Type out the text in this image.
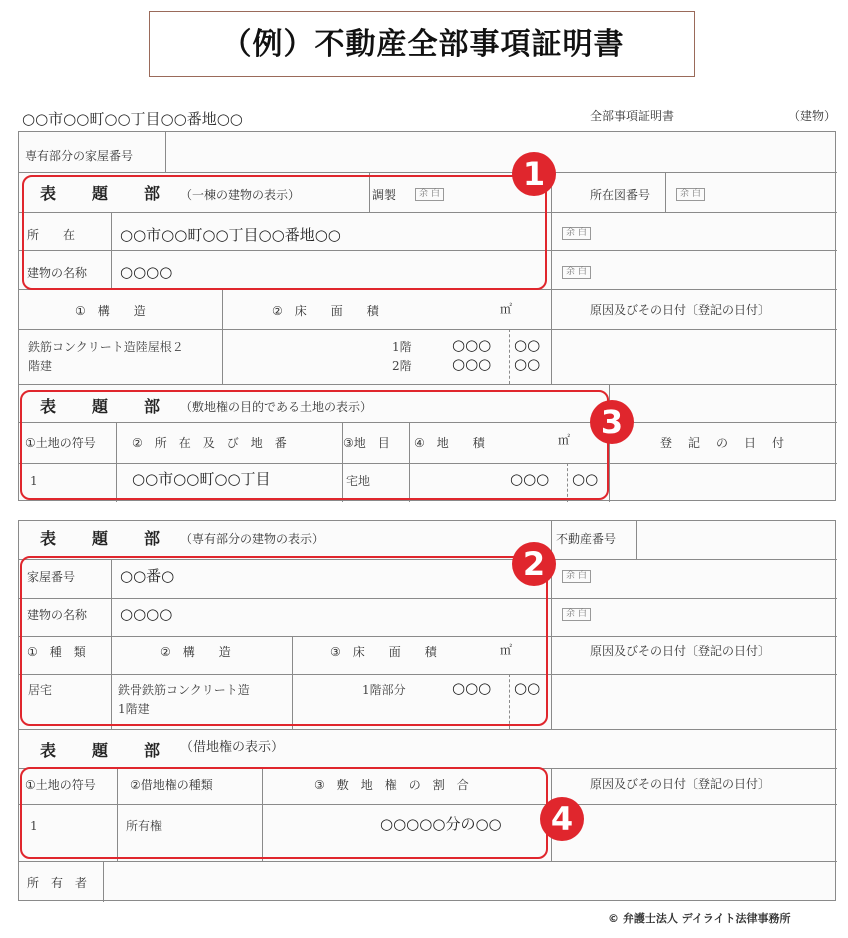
（例）不動産全部事項証明書
○○市○○町○○丁目○○番地○○	全部事項証明書	（建物）
専有部分の家屋番号
表　題　部 （一棟の建物の表示）	調製	余 白	所在図番号	余 白
所　　在	○○市○○町○○丁目○○番地○○	余 白
建物の名称 ○○○○	余 白
①　構　　造	②　床　　面　　積	㎡	原因及びその日付〔登記の日付〕
鉄筋コンクリート造陸屋根２
階建
1階	○○○ ○○
2階	○○○ ○○
表　題　部 （敷地権の目的である土地の表示）
①土地の符号	②　所　在　及　び　地　番	③地　目 ④　地　　積	㎡	登　記　の　日　付
1	○○市○○町○○丁目	宅地	○○○ ○○
表　題　部 （専有部分の建物の表示）	不動産番号
家屋番号	○○番○	余 白
建物の名称 ○○○○	余 白
①　種　類	②　構　　造	③　床　　面　　積	㎡	原因及びその日付〔登記の日付〕
居宅	鉄骨鉄筋コンクリート造
1階建
1階部分	○○○ ○○
表　題　部 （借地権の表示）
①土地の符号	②借地権の種類	③　敷　地　権　の　割　合	原因及びその日付〔登記の日付〕
1	所有権	○○○○○分の○○
所　有　者
1
3
2
4
© 弁護士法人 デイライト法律事務所
